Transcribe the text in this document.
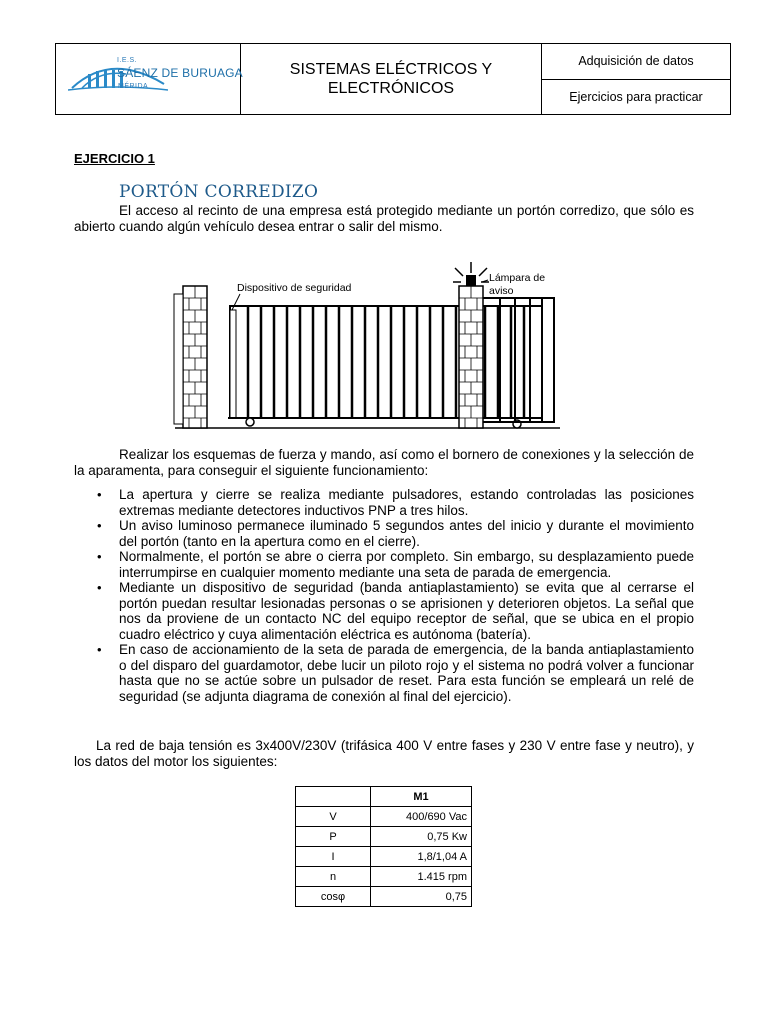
I.E.S.
SÁENZ DE BURUAGA
MÉRIDA
SISTEMAS ELÉCTRICOS Y
ELECTRÓNICOS
Adquisición de datos
Ejercicios para practicar
EJERCICIO 1
PORTÓN CORREDIZO

El acceso al recinto de una empresa está protegido mediante un portón corredizo, que sólo es abierto cuando algún vehículo desea entrar o salir del mismo.

Dispositivo de seguridad
Lámpara de
aviso

Realizar los esquemas de fuerza y mando, así como el bornero de conexiones y la selección de la aparamenta, para conseguir el siguiente funcionamiento:

• La apertura y cierre se realiza mediante pulsadores, estando controladas las posiciones extremas mediante detectores inductivos PNP a tres hilos.
• Un aviso luminoso permanece iluminado 5 segundos antes del inicio y durante el movimiento del portón (tanto en la apertura como en el cierre).
• Normalmente, el portón se abre o cierra por completo. Sin embargo, su desplazamiento puede interrumpirse en cualquier momento mediante una seta de parada de emergencia.
• Mediante un dispositivo de seguridad (banda antiaplastamiento) se evita que al cerrarse el portón puedan resultar lesionadas personas o se aprisionen y deterioren objetos. La señal que nos da proviene de un contacto NC del equipo receptor de señal, que se ubica en el propio cuadro eléctrico y cuya alimentación eléctrica es autónoma (batería).
• En caso de accionamiento de la seta de parada de emergencia, de la banda antiaplastamiento o del disparo del guardamotor, debe lucir un piloto rojo y el sistema no podrá volver a funcionar hasta que no se actúe sobre un pulsador de reset. Para esta función se empleará un relé de seguridad (se adjunta diagrama de conexión al final del ejercicio).

La red de baja tensión es 3x400V/230V (trifásica 400 V entre fases y 230 V entre fase y neutro), y los datos del motor los siguientes:

	M1
V	400/690 Vac
P	0,75 Kw
I	1,8/1,04 A
n	1.415 rpm
cosφ	0,75
